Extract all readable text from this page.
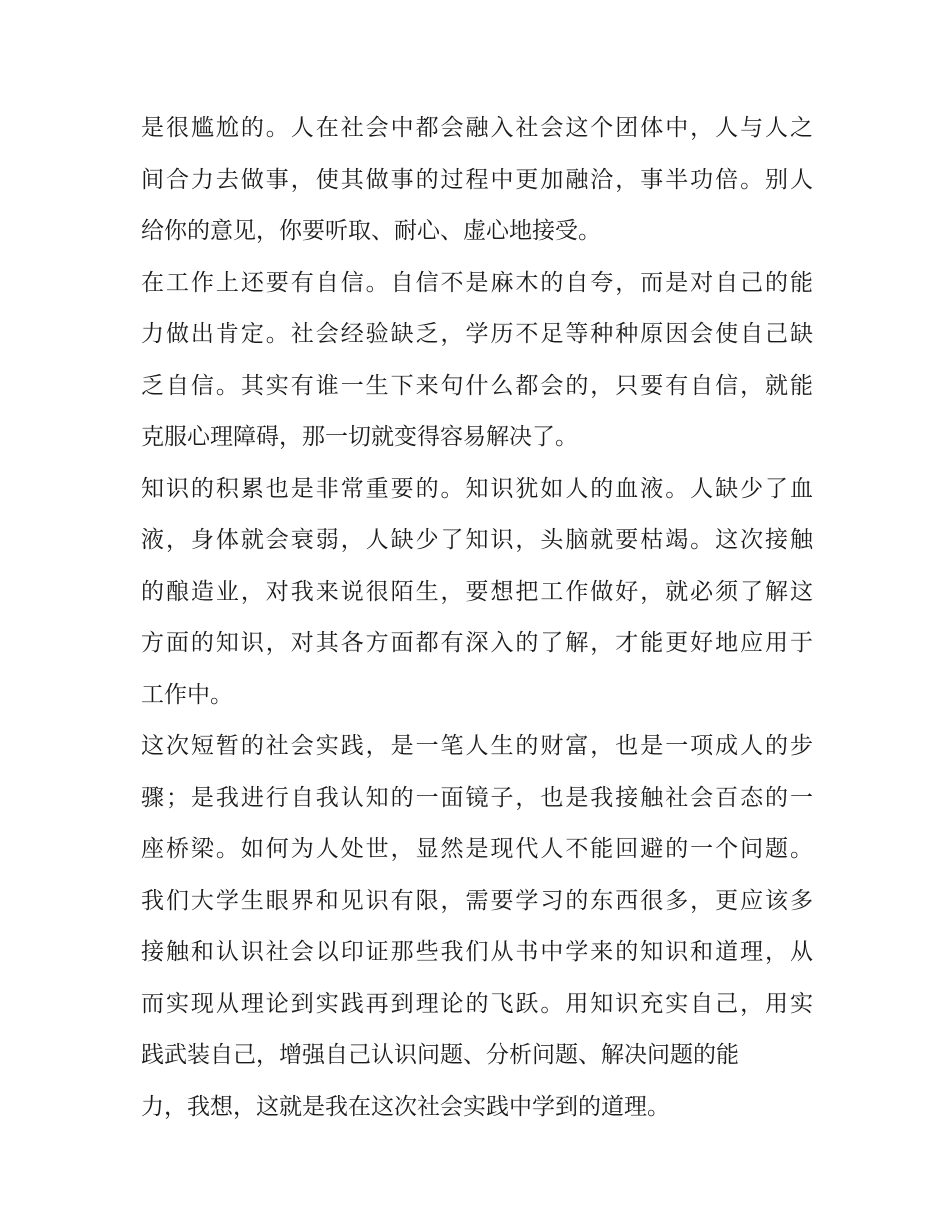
是很尴尬的。人在社会中都会融入社会这个团体中，人与人之
间合力去做事，使其做事的过程中更加融洽，事半功倍。别人
给你的意见，你要听取、耐心、虚心地接受。
在工作上还要有自信。自信不是麻木的自夸，而是对自己的能
力做出肯定。社会经验缺乏，学历不足等种种原因会使自己缺
乏自信。其实有谁一生下来句什么都会的，只要有自信，就能
克服心理障碍，那一切就变得容易解决了。
知识的积累也是非常重要的。知识犹如人的血液。人缺少了血
液，身体就会衰弱，人缺少了知识，头脑就要枯竭。这次接触
的酿造业，对我来说很陌生，要想把工作做好，就必须了解这
方面的知识，对其各方面都有深入的了解，才能更好地应用于
工作中。
这次短暂的社会实践，是一笔人生的财富，也是一项成人的步
骤；是我进行自我认知的一面镜子，也是我接触社会百态的一
座桥梁。如何为人处世，显然是现代人不能回避的一个问题。
我们大学生眼界和见识有限，需要学习的东西很多，更应该多
接触和认识社会以印证那些我们从书中学来的知识和道理，从
而实现从理论到实践再到理论的飞跃。用知识充实自己，用实
践武装自己，增强自己认识问题、分析问题、解决问题的能
力，我想，这就是我在这次社会实践中学到的道理。
